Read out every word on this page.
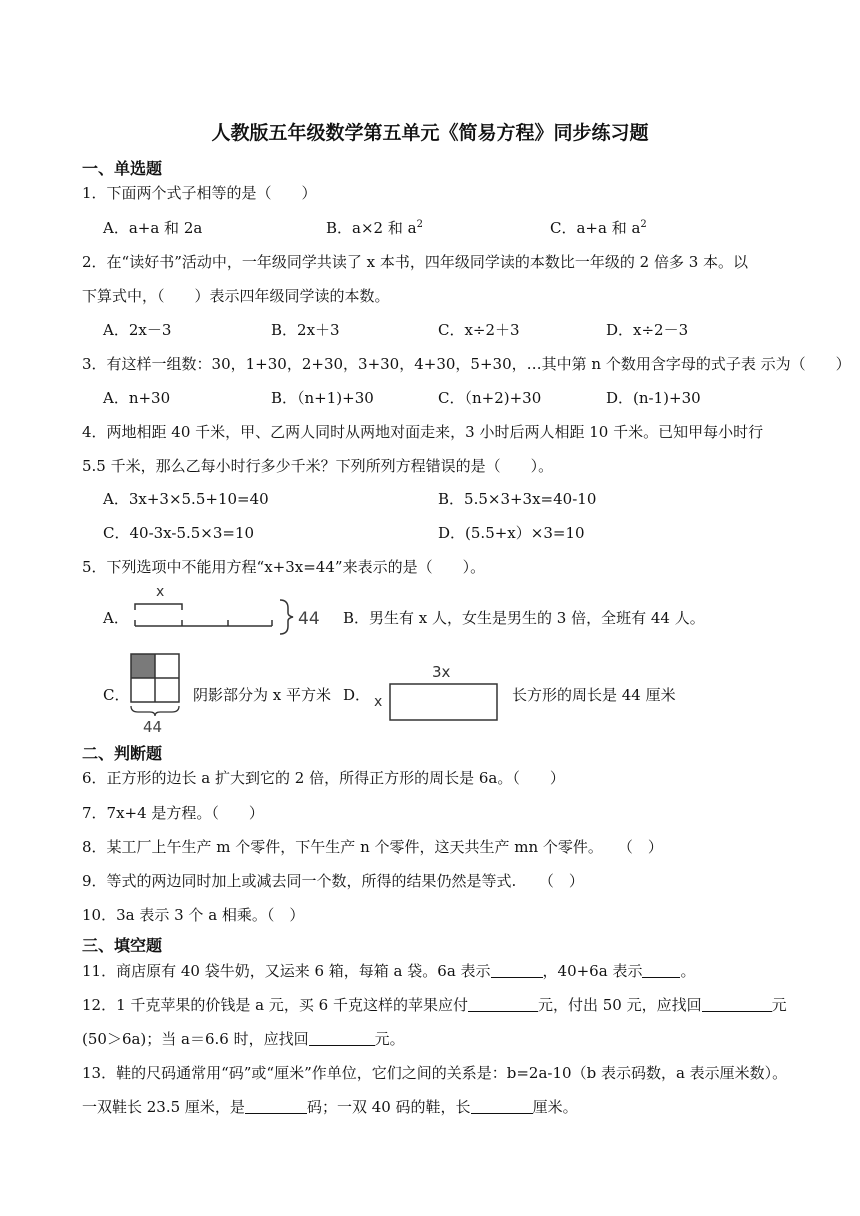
人教版五年级数学第五单元《简易方程》同步练习题
一、单选题
1．下面两个式子相等的是（　　）
A．a+a 和 2a	B．a×2 和 $a^2$	C．a+a 和 $a^2$
2．在“读好书”活动中，一年级同学共读了 x 本书，四年级同学读的本数比一年级的 2 倍多 3 本。以
下算式中，（　　）表示四年级同学读的本数。
A．2x－3	B．2x＋3	C．x÷2＋3	D．x÷2－3
3．有这样一组数：30，1+30，2+30，3+30，4+30，5+30，…其中第 n 个数用含字母的式子表 示为（　　）
A．n+30	B．（n+1)+30	C．（n+2)+30	D．(n-1)+30
4．两地相距 40 千米，甲、乙两人同时从两地对面走来，3 小时后两人相距 10 千米。已知甲每小时行
5.5 千米，那么乙每小时行多少千米？下列所列方程错误的是（　　）。
A．3x+3×5.5+10=40	B．5.5×3+3x=40-10
C．40-3x-5.5×3=10	D．(5.5+x）×3=10
5．下列选项中不能用方程“x+3x=44”来表示的是（　　）。
A．
x
44 B．男生有 x 人，女生是男生的 3 倍，全班有 44 人。
C．
44
阴影部分为 x 平方米 D．
3x
x	长方形的周长是 44 厘米
二、判断题
6．正方形的边长 a 扩大到它的 2 倍，所得正方形的周长是 6a。（　　）
7．7x+4 是方程。（　　）
8．某工厂上午生产 m 个零件，下午生产 n 个零件，这天共生产 mn 个零件。　　（　）
9．等式的两边同时加上或减去同一个数，所得的结果仍然是等式.　　（　）
10．3a 表示 3 个 a 相乘。（　）
三、填空题
11．商店原有 40 袋牛奶，又运来 6 箱，每箱 a 袋。6a 表示	，40+6a 表示	。
12．1 千克苹果的价钱是 a 元，买 6 千克这样的苹果应付	元，付出 50 元，应找回	元
(50＞6a)；当 a＝6.6 时，应找回	元。
13．鞋的尺码通常用“码”或“厘米”作单位，它们之间的关系是：b=2a-10（b 表示码数，a 表示厘米数）。
一双鞋长 23.5 厘米，是	码；一双 40 码的鞋，长	厘米。
